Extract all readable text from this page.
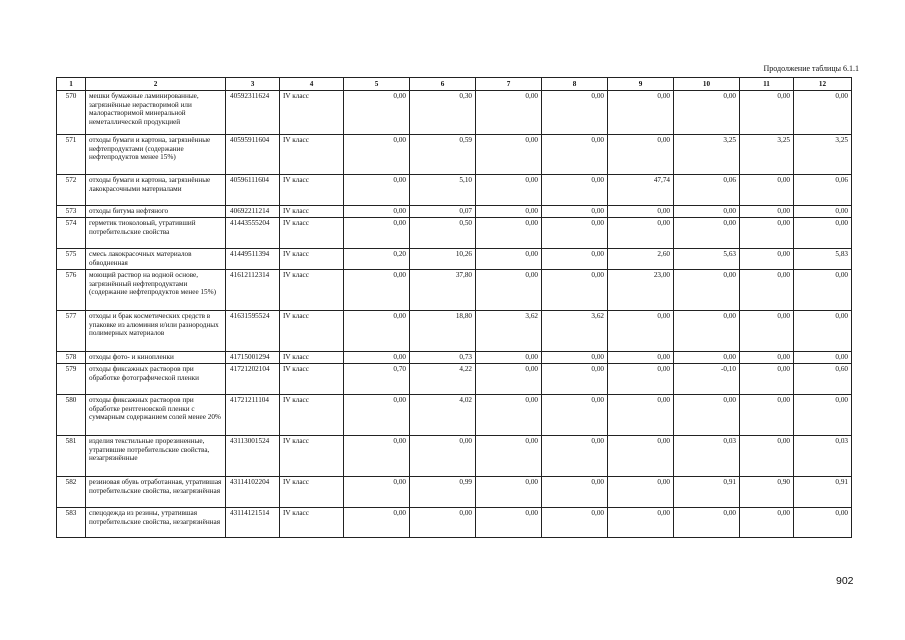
Продолжение таблицы 6.1.1
1	2	3	4	5	6	7	8	9	10	11	12
570	мешки бумажные ламинированные, загрязнённые нерастворимой или малорастворимой минеральной неметаллической продукцией	40592311624	IV класс	0,00	0,30	0,00	0,00	0,00	0,00	0,00	0,00
571	отходы бумаги и картона, загрязнённые нефтепродуктами (содержание нефтепродуктов менее 15%)	40595911604	IV класс	0,00	0,59	0,00	0,00	0,00	3,25	3,25	3,25
572	отходы бумаги и картона, загрязнённые лакокрасочными материалами	40596111604	IV класс	0,00	5,10	0,00	0,00	47,74	0,06	0,00	0,06
573	отходы битума нефтяного	40692211214	IV класс	0,00	0,07	0,00	0,00	0,00	0,00	0,00	0,00
574	герметик тиоколовый, утративший потребительские свойства	41443555204	IV класс	0,00	0,50	0,00	0,00	0,00	0,00	0,00	0,00
575	смесь лакокрасочных материалов обводненная	41449511394	IV класс	0,20	10,26	0,00	0,00	2,60	5,63	0,00	5,83
576	моющий раствор на водной основе, загрязнённый нефтепродуктами (содержание нефтепродуктов менее 15%)	41612112314	IV класс	0,00	37,80	0,00	0,00	23,00	0,00	0,00	0,00
577	отходы и брак косметических средств в упаковке из алюминия и/или разнородных полимерных материалов	41631595524	IV класс	0,00	18,80	3,62	3,62	0,00	0,00	0,00	0,00
578	отходы фото- и кинопленки	41715001294	IV класс	0,00	0,73	0,00	0,00	0,00	0,00	0,00	0,00
579	отходы фиксажных растворов при обработке фотографической пленки	41721202104	IV класс	0,70	4,22	0,00	0,00	0,00	-0,10	0,00	0,60
580	отходы фиксажных растворов при обработке рентгеновской пленки с суммарным содержанием солей менее 20%	41721211104	IV класс	0,00	4,02	0,00	0,00	0,00	0,00	0,00	0,00
581	изделия текстильные прорезиненные, утратившие потребительские свойства, незагрязнённые	43113001524	IV класс	0,00	0,00	0,00	0,00	0,00	0,03	0,00	0,03
582	резиновая обувь отработанная, утратившая потребительские свойства, незагрязнённая	43114102204	IV класс	0,00	0,99	0,00	0,00	0,00	0,91	0,90	0,91
583	спецодежда из резины, утратившая потребительские свойства, незагрязнённая	43114121514	IV класс	0,00	0,00	0,00	0,00	0,00	0,00	0,00	0,00
902
